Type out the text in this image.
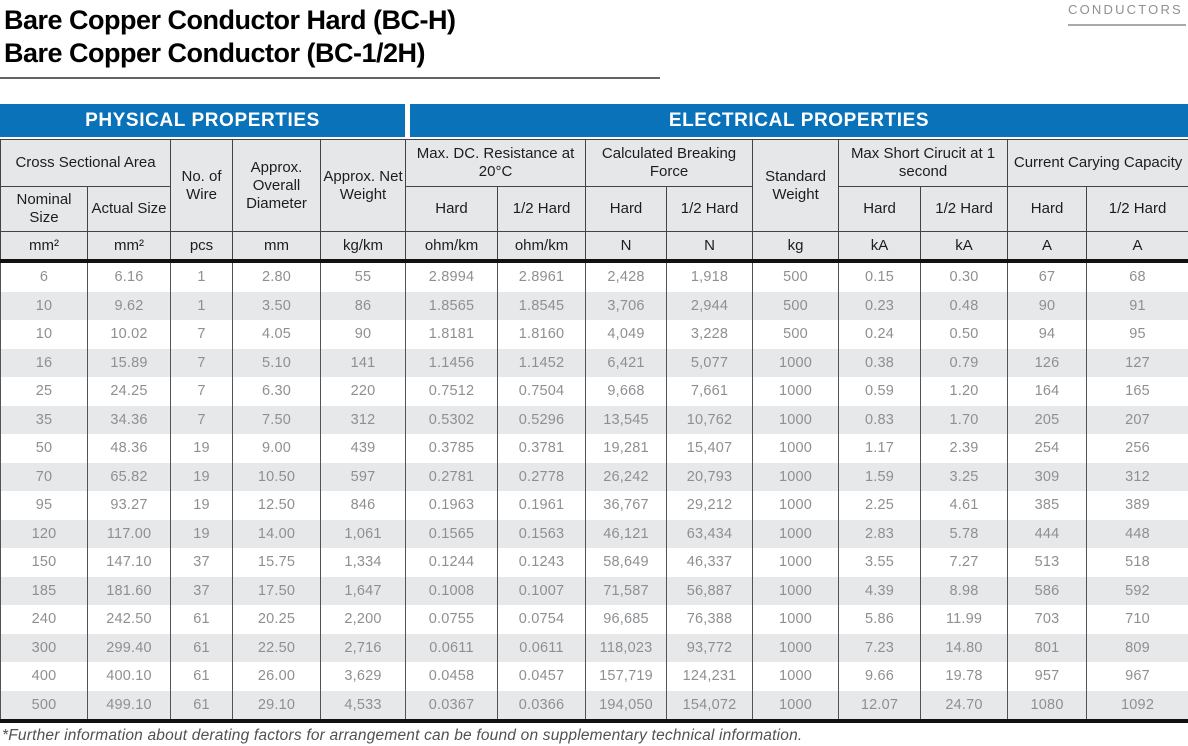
Bare Copper Conductor Hard (BC-H)
Bare Copper Conductor (BC-1/2H)
CONDUCTORS
PHYSICAL PROPERTIES	ELECTRICAL PROPERTIES
Cross Sectional Area		No. of Wire	Approx. Overall Diameter	Approx. Net Weight	Max. DC. Resistance at 20°C		Calculated Breaking Force		Standard Weight	Max Short Cirucit at 1 second		Current Carying Capacity	
Nominal Size	Actual Size				Hard	1/2 Hard	Hard	1/2 Hard		Hard	1/2 Hard	Hard	1/2 Hard
mm²	mm²	pcs	mm	kg/km	ohm/km	ohm/km	N	N	kg	kA	kA	A	A
6	6.16	1	2.80	55	2.8994	2.8961	2,428	1,918	500	0.15	0.30	67	68
10	9.62	1	3.50	86	1.8565	1.8545	3,706	2,944	500	0.23	0.48	90	91
10	10.02	7	4.05	90	1.8181	1.8160	4,049	3,228	500	0.24	0.50	94	95
16	15.89	7	5.10	141	1.1456	1.1452	6,421	5,077	1000	0.38	0.79	126	127
25	24.25	7	6.30	220	0.7512	0.7504	9,668	7,661	1000	0.59	1.20	164	165
35	34.36	7	7.50	312	0.5302	0.5296	13,545	10,762	1000	0.83	1.70	205	207
50	48.36	19	9.00	439	0.3785	0.3781	19,281	15,407	1000	1.17	2.39	254	256
70	65.82	19	10.50	597	0.2781	0.2778	26,242	20,793	1000	1.59	3.25	309	312
95	93.27	19	12.50	846	0.1963	0.1961	36,767	29,212	1000	2.25	4.61	385	389
120	117.00	19	14.00	1,061	0.1565	0.1563	46,121	63,434	1000	2.83	5.78	444	448
150	147.10	37	15.75	1,334	0.1244	0.1243	58,649	46,337	1000	3.55	7.27	513	518
185	181.60	37	17.50	1,647	0.1008	0.1007	71,587	56,887	1000	4.39	8.98	586	592
240	242.50	61	20.25	2,200	0.0755	0.0754	96,685	76,388	1000	5.86	11.99	703	710
300	299.40	61	22.50	2,716	0.0611	0.0611	118,023	93,772	1000	7.23	14.80	801	809
400	400.10	61	26.00	3,629	0.0458	0.0457	157,719	124,231	1000	9.66	19.78	957	967
500	499.10	61	29.10	4,533	0.0367	0.0366	194,050	154,072	1000	12.07	24.70	1080	1092
*Further information about derating factors for arrangement can be found on supplementary technical information.
